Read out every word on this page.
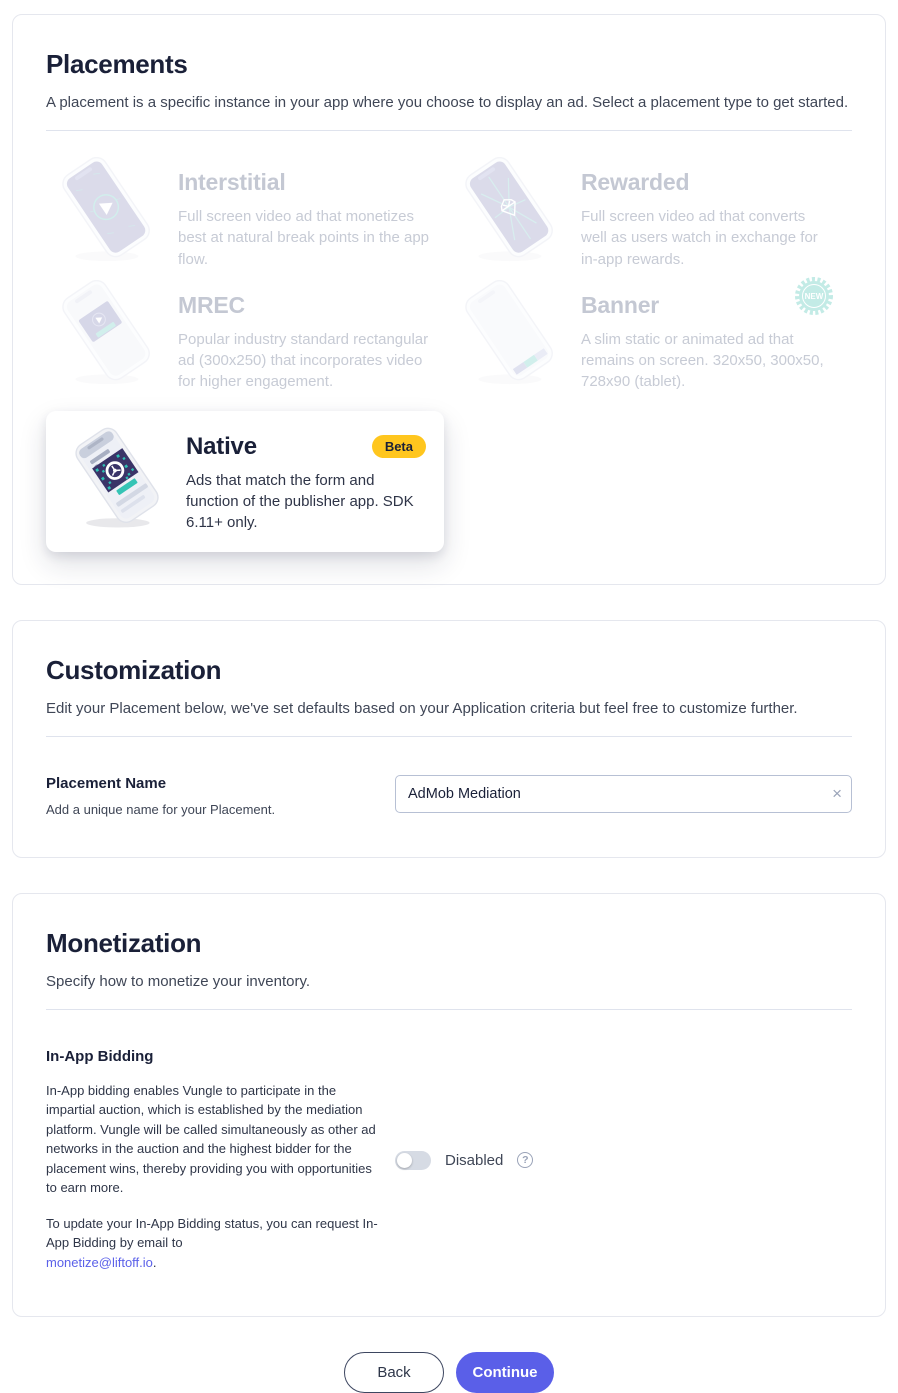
Placements

A placement is a specific instance in your app where you choose to display an ad. Select a placement type to get started.

Interstitial
Full screen video ad that monetizes best at natural break points in the app flow.
Rewarded
Full screen video ad that converts well as users watch in exchange for in-app rewards.
MREC
Popular industry standard rectangular ad (300x250) that incorporates video for higher engagement.
Banner
A slim static or animated ad that remains on screen. 320x50, 300x50, 728x90 (tablet).
NEW
Native	Beta
Ads that match the form and function of the publisher app. SDK 6.11+ only.
Customization

Edit your Placement below, we've set defaults based on your Application criteria but feel free to customize further.

Placement Name
Add a unique name for your Placement.
AdMob Mediation
×
Monetization

Specify how to monetize your inventory.

In-App Bidding

In-App bidding enables Vungle to participate in the impartial auction, which is established by the mediation platform. Vungle will be called simultaneously as other ad networks in the auction and the highest bidder for the placement wins, thereby providing you with opportunities to earn more.

To update your In-App Bidding status, you can request In-App Bidding by email to
monetize@liftoff.io.

Disabled	?
Back	Continue
